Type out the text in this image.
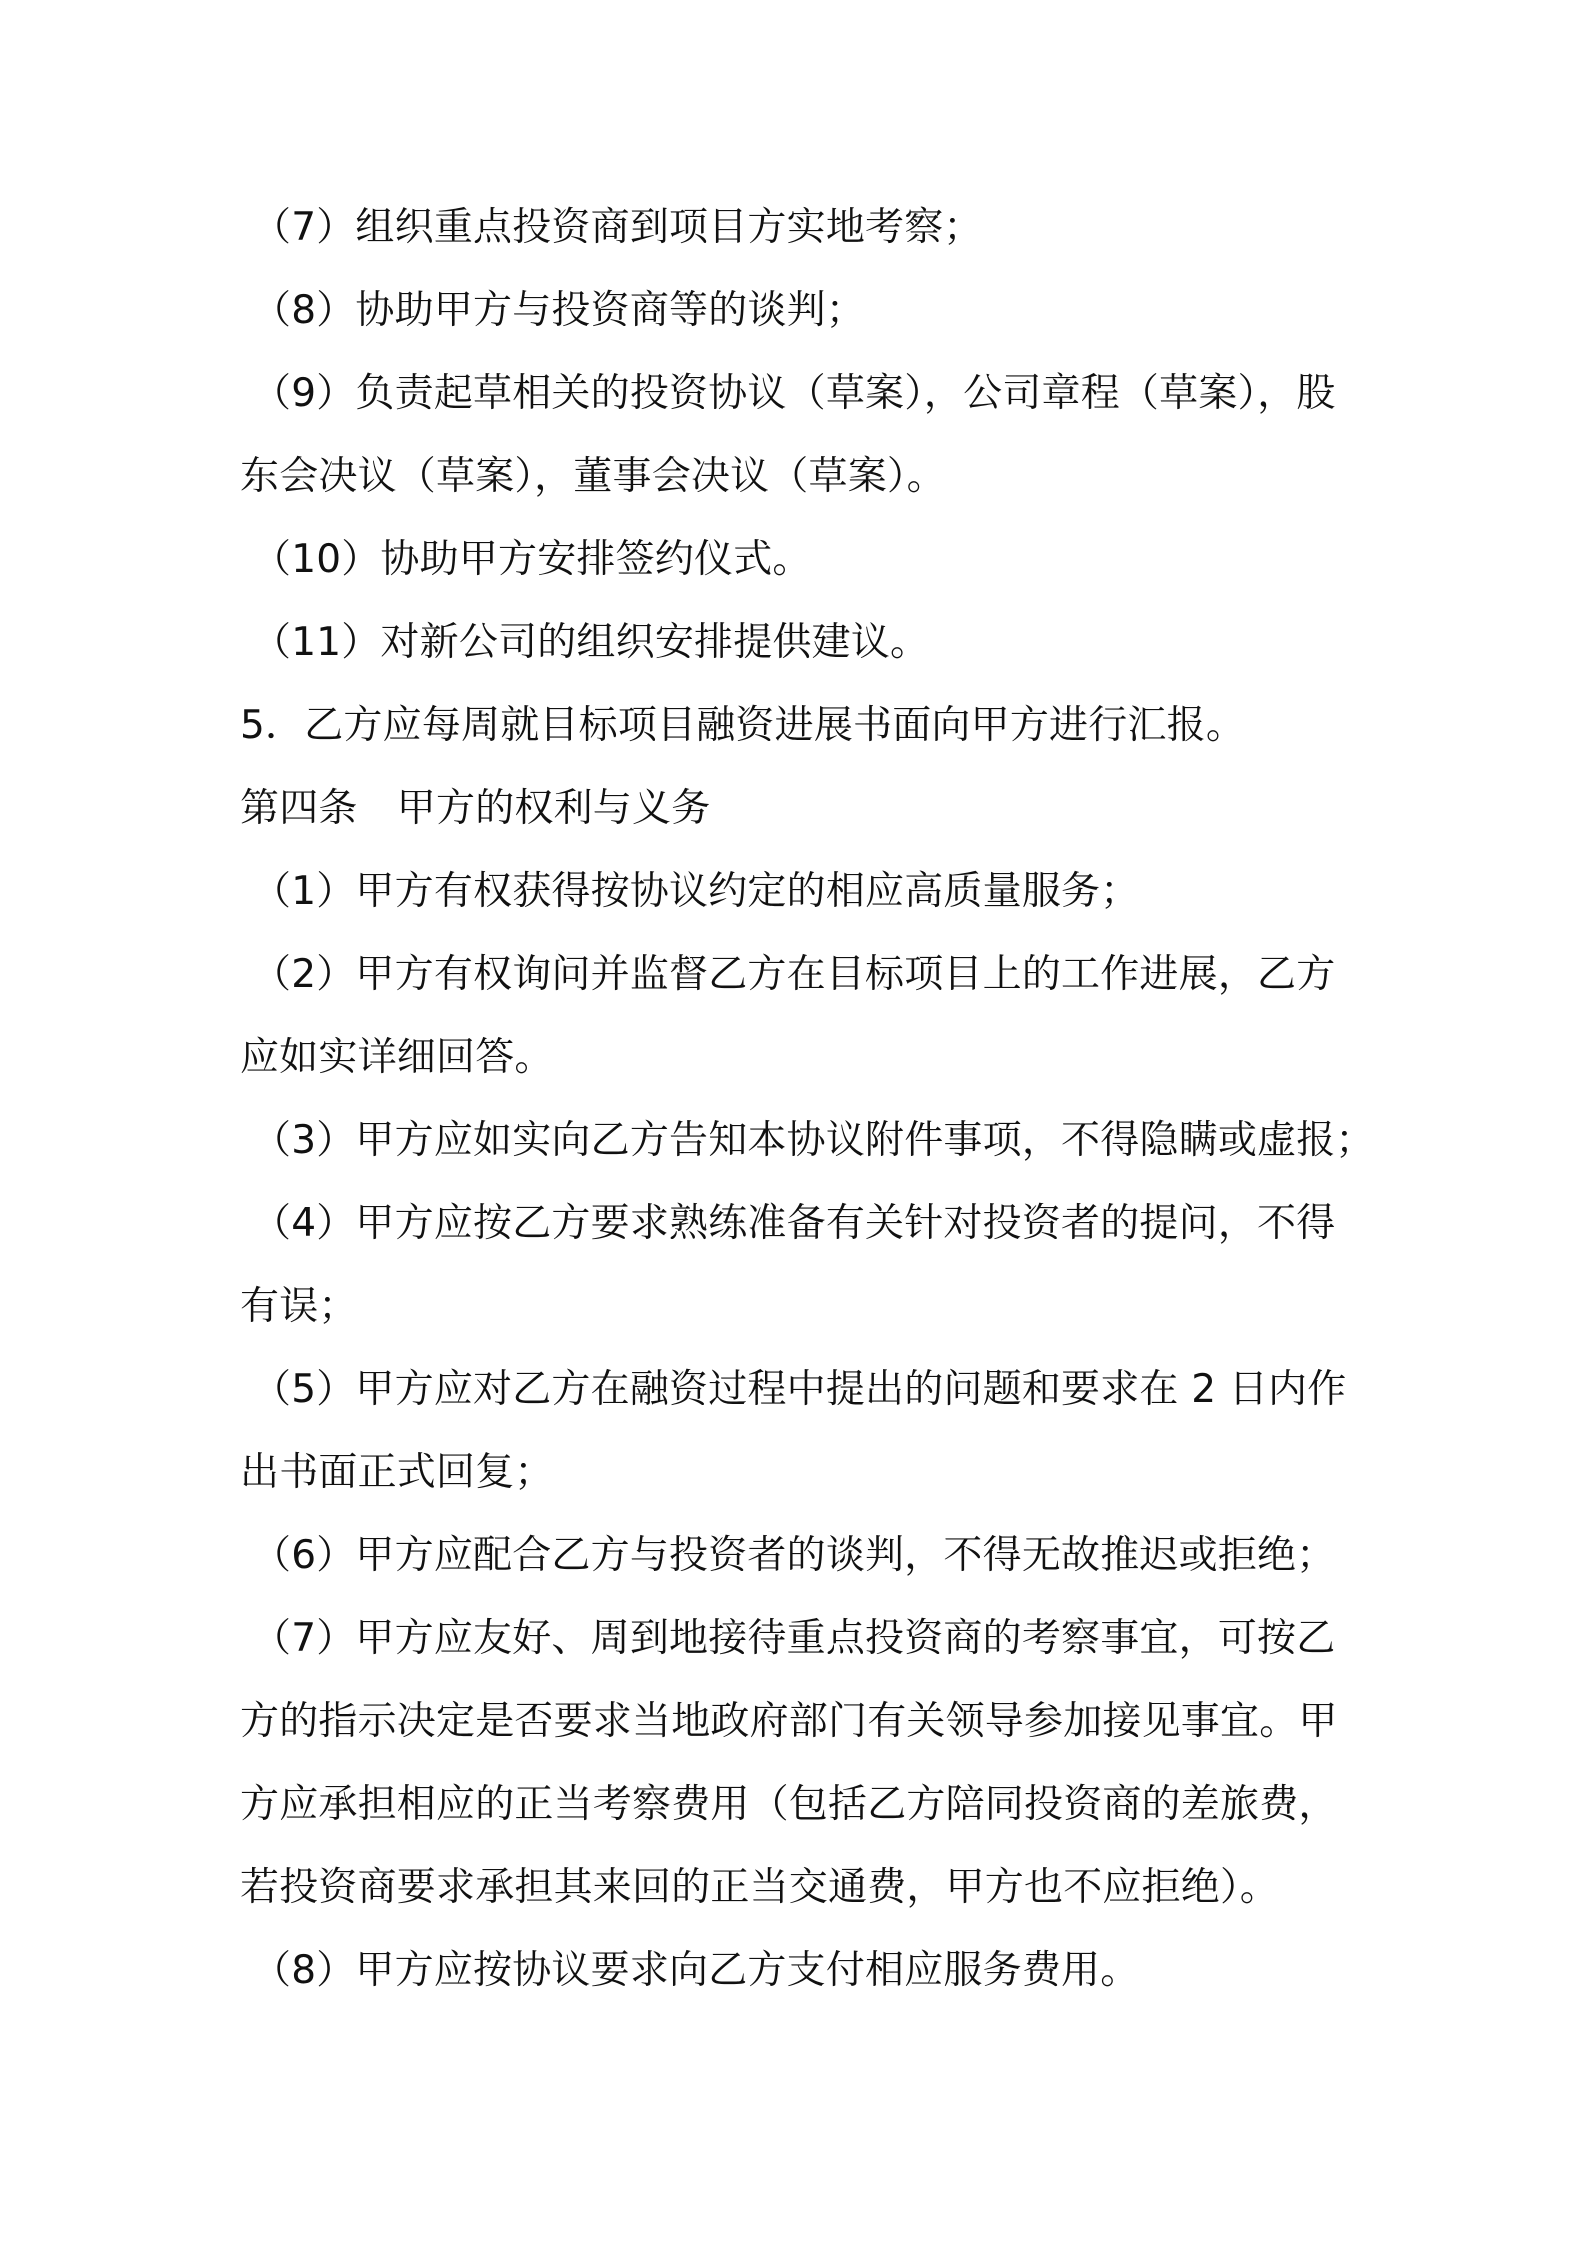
（7）组织重点投资商到项目方实地考察；
（8）协助甲方与投资商等的谈判；
（9）负责起草相关的投资协议（草案），公司章程（草案），股
东会决议（草案），董事会决议（草案）。
（10）协助甲方安排签约仪式。
（11）对新公司的组织安排提供建议。
5．乙方应每周就目标项目融资进展书面向甲方进行汇报。
第四条　甲方的权利与义务
（1）甲方有权获得按协议约定的相应高质量服务；
（2）甲方有权询问并监督乙方在目标项目上的工作进展，乙方
应如实详细回答。
（3）甲方应如实向乙方告知本协议附件事项，不得隐瞒或虚报；
（4）甲方应按乙方要求熟练准备有关针对投资者的提问，不得
有误；
（5）甲方应对乙方在融资过程中提出的问题和要求在 2 日内作
出书面正式回复；
（6）甲方应配合乙方与投资者的谈判，不得无故推迟或拒绝；
（7）甲方应友好、周到地接待重点投资商的考察事宜，可按乙
方的指示决定是否要求当地政府部门有关领导参加接见事宜。甲
方应承担相应的正当考察费用（包括乙方陪同投资商的差旅费，
若投资商要求承担其来回的正当交通费，甲方也不应拒绝）。
（8）甲方应按协议要求向乙方支付相应服务费用。
